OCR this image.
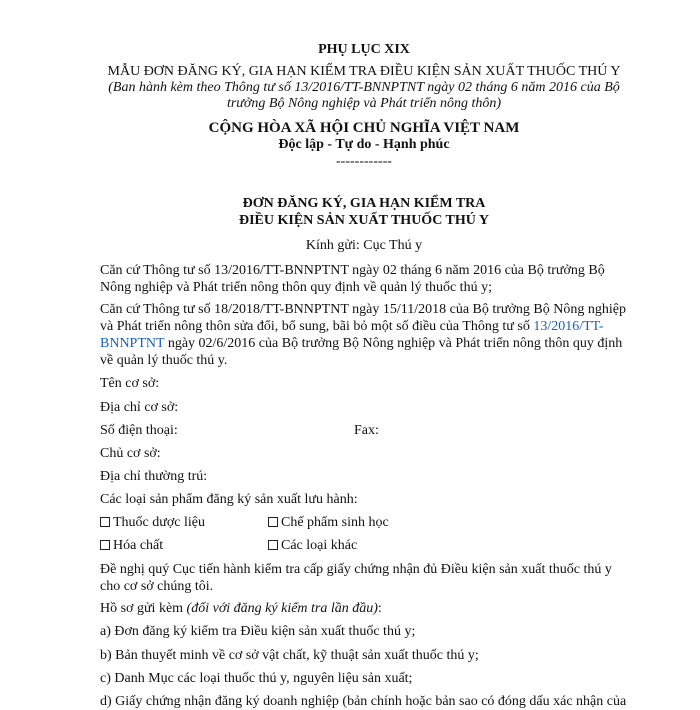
PHỤ LỤC XIX
MẪU ĐƠN ĐĂNG KÝ, GIA HẠN KIỂM TRA ĐIỀU KIỆN SẢN XUẤT THUỐC THÚ Y
(Ban hành kèm theo Thông tư số 13/2016/TT-BNNPTNT ngày 02 tháng 6 năm 2016 của Bộ
trưởng Bộ Nông nghiệp và Phát triển nông thôn)
CỘNG HÒA XÃ HỘI CHỦ NGHĨA VIỆT NAM
Độc lập - Tự do - Hạnh phúc
------------
ĐƠN ĐĂNG KÝ, GIA HẠN KIỂM TRA
ĐIỀU KIỆN SẢN XUẤT THUỐC THÚ Y
Kính gửi: Cục Thú y
Căn cứ Thông tư số 13/2016/TT-BNNPTNT ngày 02 tháng 6 năm 2016 của Bộ trưởng Bộ
Nông nghiệp và Phát triển nông thôn quy định về quản lý thuốc thú y;
Căn cứ Thông tư số 18/2018/TT-BNNPTNT ngày 15/11/2018 của Bộ trưởng Bộ Nông nghiệp
và Phát triển nông thôn sửa đổi, bổ sung, bãi bỏ một số điều của Thông tư số 13/2016/TT-
BNNPTNT ngày 02/6/2016 của Bộ trưởng Bộ Nông nghiệp và Phát triển nông thôn quy định
về quản lý thuốc thú y.
Tên cơ sở:
Địa chỉ cơ sở:
Số điện thoại:	Fax:
Chủ cơ sở:
Địa chỉ thường trú:
Các loại sản phẩm đăng ký sản xuất lưu hành:
Thuốc dược liệu	Chế phẩm sinh học
Hóa chất	Các loại khác
Đề nghị quý Cục tiến hành kiểm tra cấp giấy chứng nhận đủ Điều kiện sản xuất thuốc thú y
cho cơ sở chúng tôi.
Hồ sơ gửi kèm (đối với đăng ký kiểm tra lần đầu):
a) Đơn đăng ký kiểm tra Điều kiện sản xuất thuốc thú y;
b) Bản thuyết minh về cơ sở vật chất, kỹ thuật sản xuất thuốc thú y;
c) Danh Mục các loại thuốc thú y, nguyên liệu sản xuất;
d) Giấy chứng nhận đăng ký doanh nghiệp (bản chính hoặc bản sao có đóng dấu xác nhận của
